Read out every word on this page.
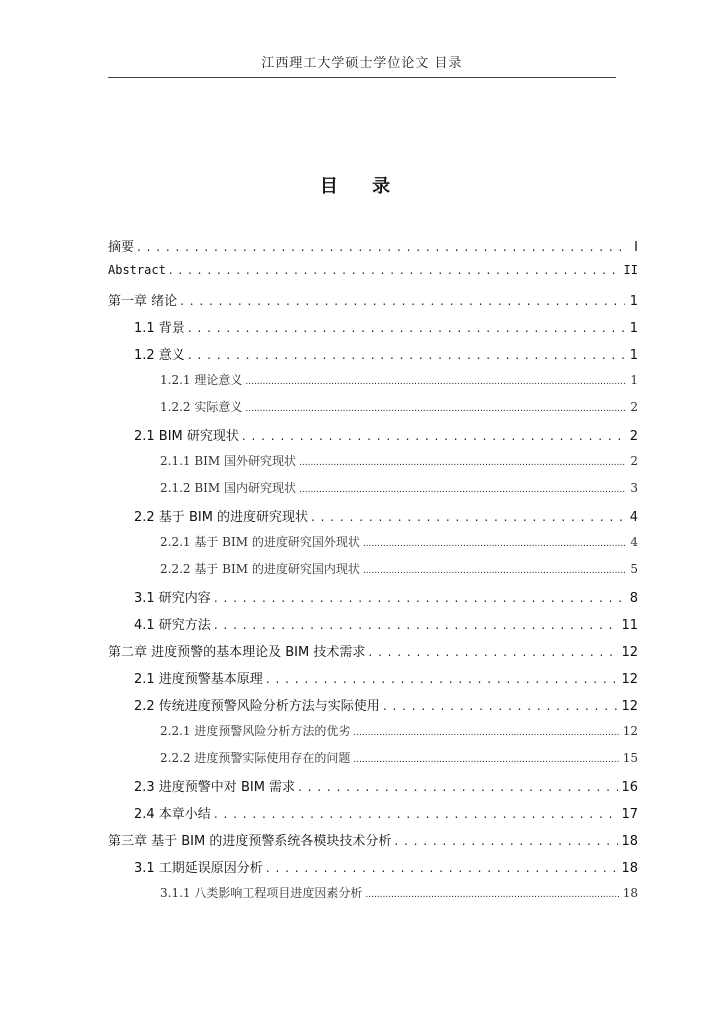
江西理工大学硕士学位论文 目录
目 录
摘要 . . .	I
Abstract . . .	II
第一章 绪论 . . .	1
1.1 背景 . . .	1
1.2 意义 . . .	1
1.2.1 理论意义 .....	1
1.2.2 实际意义 .....	2
2.1 BIM 研究现状 . . .	2
2.1.1 BIM 国外研究现状 .....	2
2.1.2 BIM 国内研究现状 .....	3
2.2 基于 BIM 的进度研究现状 . . .	4
2.2.1 基于 BIM 的进度研究国外现状 .....	4
2.2.2 基于 BIM 的进度研究国内现状 .....	5
3.1 研究内容 . . .	8
4.1 研究方法 . . .	11
第二章 进度预警的基本理论及 BIM 技术需求 . . .	12
2.1 进度预警基本原理 . . .	12
2.2 传统进度预警风险分析方法与实际使用 . . .	12
2.2.1 进度预警风险分析方法的优劣 .....	12
2.2.2 进度预警实际使用存在的问题 .....	15
2.3 进度预警中对 BIM 需求 . . .	16
2.4 本章小结 . . .	17
第三章 基于 BIM 的进度预警系统各模块技术分析 . . .	18
3.1 工期延误原因分析 . . .	18
3.1.1 八类影响工程项目进度因素分析 .....	18
